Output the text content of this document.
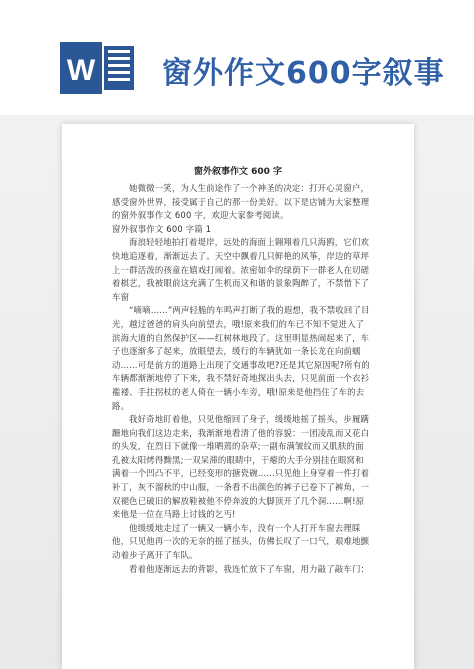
W 窗外作文600字叙事
窗外叙事作文 600 字

她微微一笑，为人生前途作了一个神圣的决定：打开心灵窗户，感受窗外世界，接受属于自己的那一份美好。以下是店铺为大家整理的窗外叙事作文 600 字，欢迎大家参考阅读。

窗外叙事作文 600 字篇 1

海浪轻轻地拍打着堤岸，远处的海面上翱翔着几只海鸥，它们欢快地追逐着，渐渐远去了。天空中飘着几只鲜艳的风筝，岸边的草坪上一群活泼的孩童在嬉戏打闹着。浓密如伞的绿荫下一群老人在切磋着棋艺，我被眼前这充满了生机而又和谐的景象陶醉了，不禁惜下了车窗

“嘀嘀……”两声轻脆的车鸣声打断了我的遐想，我不禁收回了目光，越过爸爸的肩头向前望去，哦!原来我们的车已不知不觉进入了滨海大道的自然保护区——红树林地段了。这里明显热闹起来了，车子也逐渐多了起来，放眼望去，缓行的车辆犹如一条长龙在向前蠕动……可是前方的道路上出现了交通事故吧?还是其它原因呢?所有的车辆都渐渐地停了下来，我不禁好奇地探出头去，只见前面一个衣衫褴褛、手拄拐杖的老人倚在一辆小车旁，哦!原来是他挡住了车的去路。

我好奇地盯着他，只见他缩回了身子，缓缓地摇了摇头，步履蹒跚地向我们这边走来，我渐渐地看清了他的容貌：一团凌乱而又花白的头发，在烈日下就像一堆晒蔫的杂草;一副布满皱纹而又肌肤的面孔被太阳烤得黝黑;一双呆滞的眼睛中，干瘪的大手分别挂在眼窝和满着一个凹凸不平，已经变形的搪瓷碗……只见他上身穿着一件打着补丁，灰不溜秋的中山服，一条看不出颜色的裤子已卷下了裤角，一双褪色已破旧的解放鞋被他不停奔波的大脚顶开了几个洞……啊!原来他是一位在马路上讨钱的乞丐!

他缓缓地走过了一辆又一辆小车，没有一个人打开车窗去理睬他，只见他再一次的无奈的摇了摇头，仿佛长叹了一口气，艰难地颤动着步子离开了车队。

看着他逐渐远去的背影，我连忙放下了车窗，用力敲了敲车门：
